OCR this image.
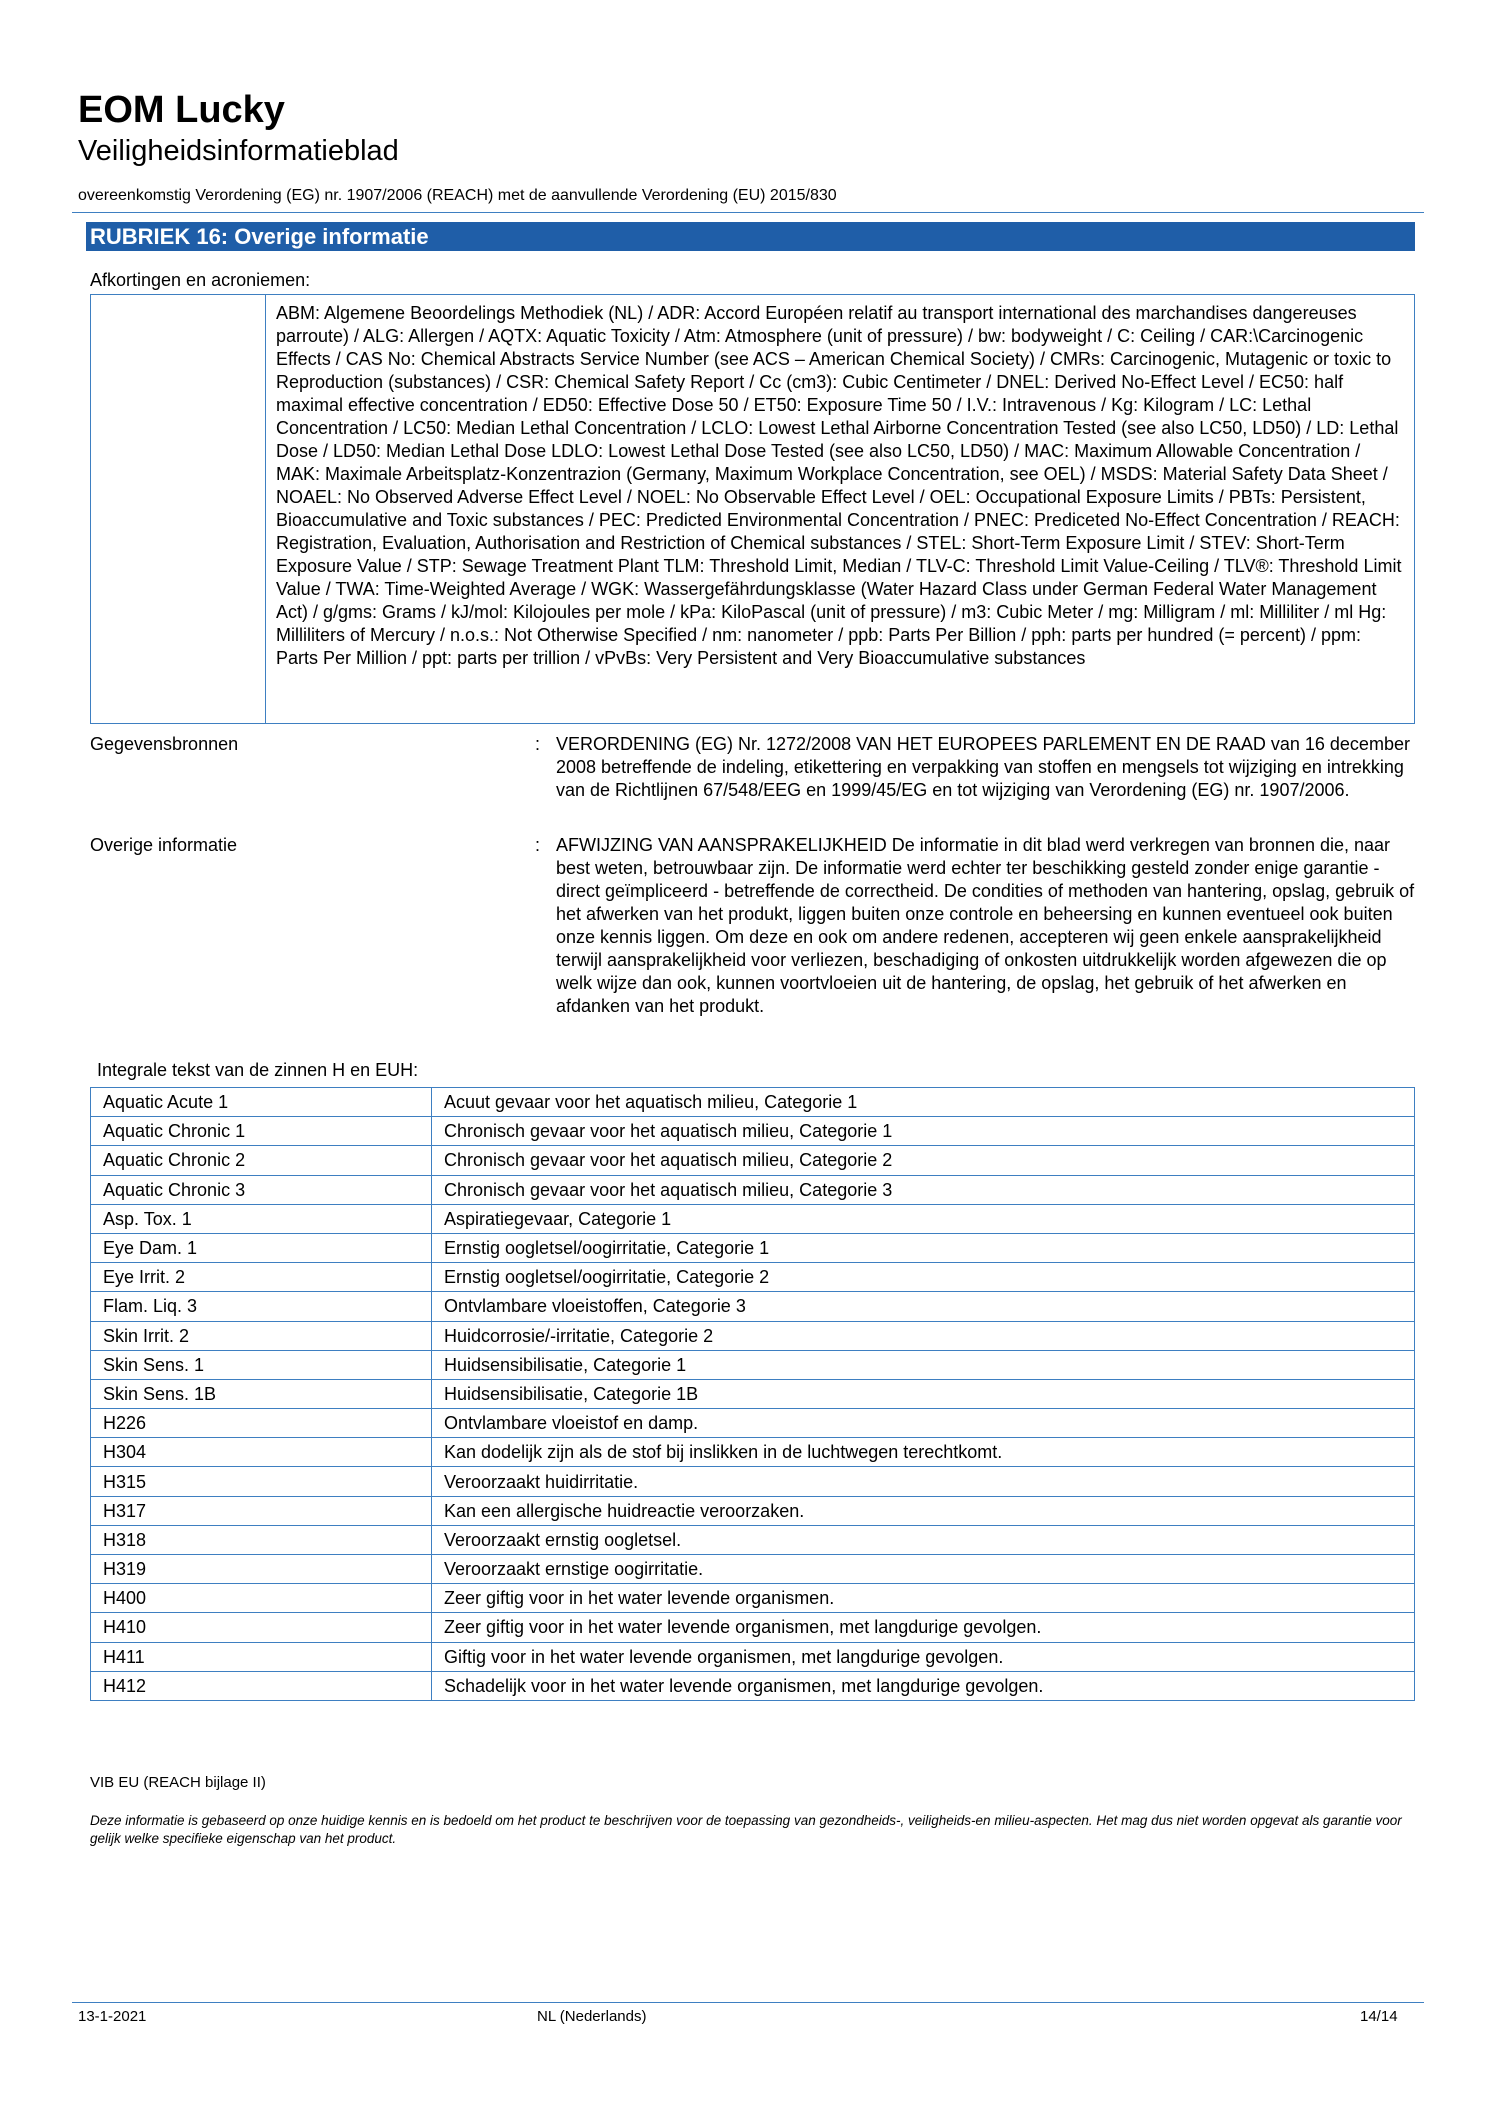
EOM Lucky
Veiligheidsinformatieblad
overeenkomstig Verordening (EG) nr. 1907/2006 (REACH) met de aanvullende Verordening (EU) 2015/830
RUBRIEK 16: Overige informatie
Afkortingen en acroniemen:
ABM: Algemene Beoordelings Methodiek (NL) / ADR: Accord Européen relatif au transport international des marchandises dangereuses parroute) / ALG: Allergen / AQTX: Aquatic Toxicity / Atm: Atmosphere (unit of pressure) / bw: bodyweight / C: Ceiling / CAR:\Carcinogenic Effects / CAS No: Chemical Abstracts Service Number (see ACS – American Chemical Society) / CMRs: Carcinogenic, Mutagenic or toxic to Reproduction (substances) / CSR: Chemical Safety Report / Cc (cm3): Cubic Centimeter / DNEL: Derived No-Effect Level / EC50: half maximal effective concentration / ED50: Effective Dose 50 / ET50: Exposure Time 50 / I.V.: Intravenous / Kg: Kilogram / LC: Lethal Concentration / LC50: Median Lethal Concentration / LCLO: Lowest Lethal Airborne Concentration Tested (see also LC50, LD50) / LD: Lethal Dose / LD50: Median Lethal Dose LDLO: Lowest Lethal Dose Tested (see also LC50, LD50) / MAC: Maximum Allowable Concentration / MAK: Maximale Arbeitsplatz-Konzentrazion (Germany, Maximum Workplace Concentration, see OEL) / MSDS: Material Safety Data Sheet / NOAEL: No Observed Adverse Effect Level / NOEL: No Observable Effect Level / OEL: Occupational Exposure Limits / PBTs: Persistent, Bioaccumulative and Toxic substances / PEC: Predicted Environmental Concentration / PNEC: Prediceted No-Effect Concentration / REACH: Registration, Evaluation, Authorisation and Restriction of Chemical substances / STEL: Short-Term Exposure Limit / STEV: Short-Term Exposure Value / STP: Sewage Treatment Plant TLM: Threshold Limit, Median / TLV-C: Threshold Limit Value-Ceiling / TLV®: Threshold Limit Value / TWA: Time-Weighted Average / WGK: Wassergefährdungsklasse (Water Hazard Class under German Federal Water Management Act) / g/gms: Grams / kJ/mol: Kilojoules per mole / kPa: KiloPascal (unit of pressure) / m3: Cubic Meter / mg: Milligram / ml: Milliliter / ml Hg: Milliliters of Mercury / n.o.s.: Not Otherwise Specified / nm: nanometer / ppb: Parts Per Billion / pph: parts per hundred (= percent) / ppm: Parts Per Million / ppt: parts per trillion / vPvBs: Very Persistent and Very Bioaccumulative substances
Gegevensbronnen	: VERORDENING (EG) Nr. 1272/2008 VAN HET EUROPEES PARLEMENT EN DE RAAD van 16 december 2008 betreffende de indeling, etikettering en verpakking van stoffen en mengsels tot wijziging en intrekking van de Richtlijnen 67/548/EEG en 1999/45/EG en tot wijziging van Verordening (EG) nr. 1907/2006.
Overige informatie	: AFWIJZING VAN AANSPRAKELIJKHEID De informatie in dit blad werd verkregen van bronnen die, naar best weten, betrouwbaar zijn. De informatie werd echter ter beschikking gesteld zonder enige garantie - direct geïmpliceerd - betreffende de correctheid. De condities of methoden van hantering, opslag, gebruik of het afwerken van het produkt, liggen buiten onze controle en beheersing en kunnen eventueel ook buiten onze kennis liggen. Om deze en ook om andere redenen, accepteren wij geen enkele aansprakelijkheid terwijl aansprakelijkheid voor verliezen, beschadiging of onkosten uitdrukkelijk worden afgewezen die op welk wijze dan ook, kunnen voortvloeien uit de hantering, de opslag, het gebruik of het afwerken en afdanken van het produkt.
Integrale tekst van de zinnen H en EUH:
Aquatic Acute 1	Acuut gevaar voor het aquatisch milieu, Categorie 1
Aquatic Chronic 1	Chronisch gevaar voor het aquatisch milieu, Categorie 1
Aquatic Chronic 2	Chronisch gevaar voor het aquatisch milieu, Categorie 2
Aquatic Chronic 3	Chronisch gevaar voor het aquatisch milieu, Categorie 3
Asp. Tox. 1	Aspiratiegevaar, Categorie 1
Eye Dam. 1	Ernstig oogletsel/oogirritatie, Categorie 1
Eye Irrit. 2	Ernstig oogletsel/oogirritatie, Categorie 2
Flam. Liq. 3	Ontvlambare vloeistoffen, Categorie 3
Skin Irrit. 2	Huidcorrosie/-irritatie, Categorie 2
Skin Sens. 1	Huidsensibilisatie, Categorie 1
Skin Sens. 1B	Huidsensibilisatie, Categorie 1B
H226	Ontvlambare vloeistof en damp.
H304	Kan dodelijk zijn als de stof bij inslikken in de luchtwegen terechtkomt.
H315	Veroorzaakt huidirritatie.
H317	Kan een allergische huidreactie veroorzaken.
H318	Veroorzaakt ernstig oogletsel.
H319	Veroorzaakt ernstige oogirritatie.
H400	Zeer giftig voor in het water levende organismen.
H410	Zeer giftig voor in het water levende organismen, met langdurige gevolgen.
H411	Giftig voor in het water levende organismen, met langdurige gevolgen.
H412	Schadelijk voor in het water levende organismen, met langdurige gevolgen.
VIB EU (REACH bijlage II)
Deze informatie is gebaseerd op onze huidige kennis en is bedoeld om het product te beschrijven voor de toepassing van gezondheids-, veiligheids-en milieu-aspecten. Het mag dus niet worden opgevat als garantie voor gelijk welke specifieke eigenschap van het product.
13-1-2021	NL (Nederlands)	14/14
